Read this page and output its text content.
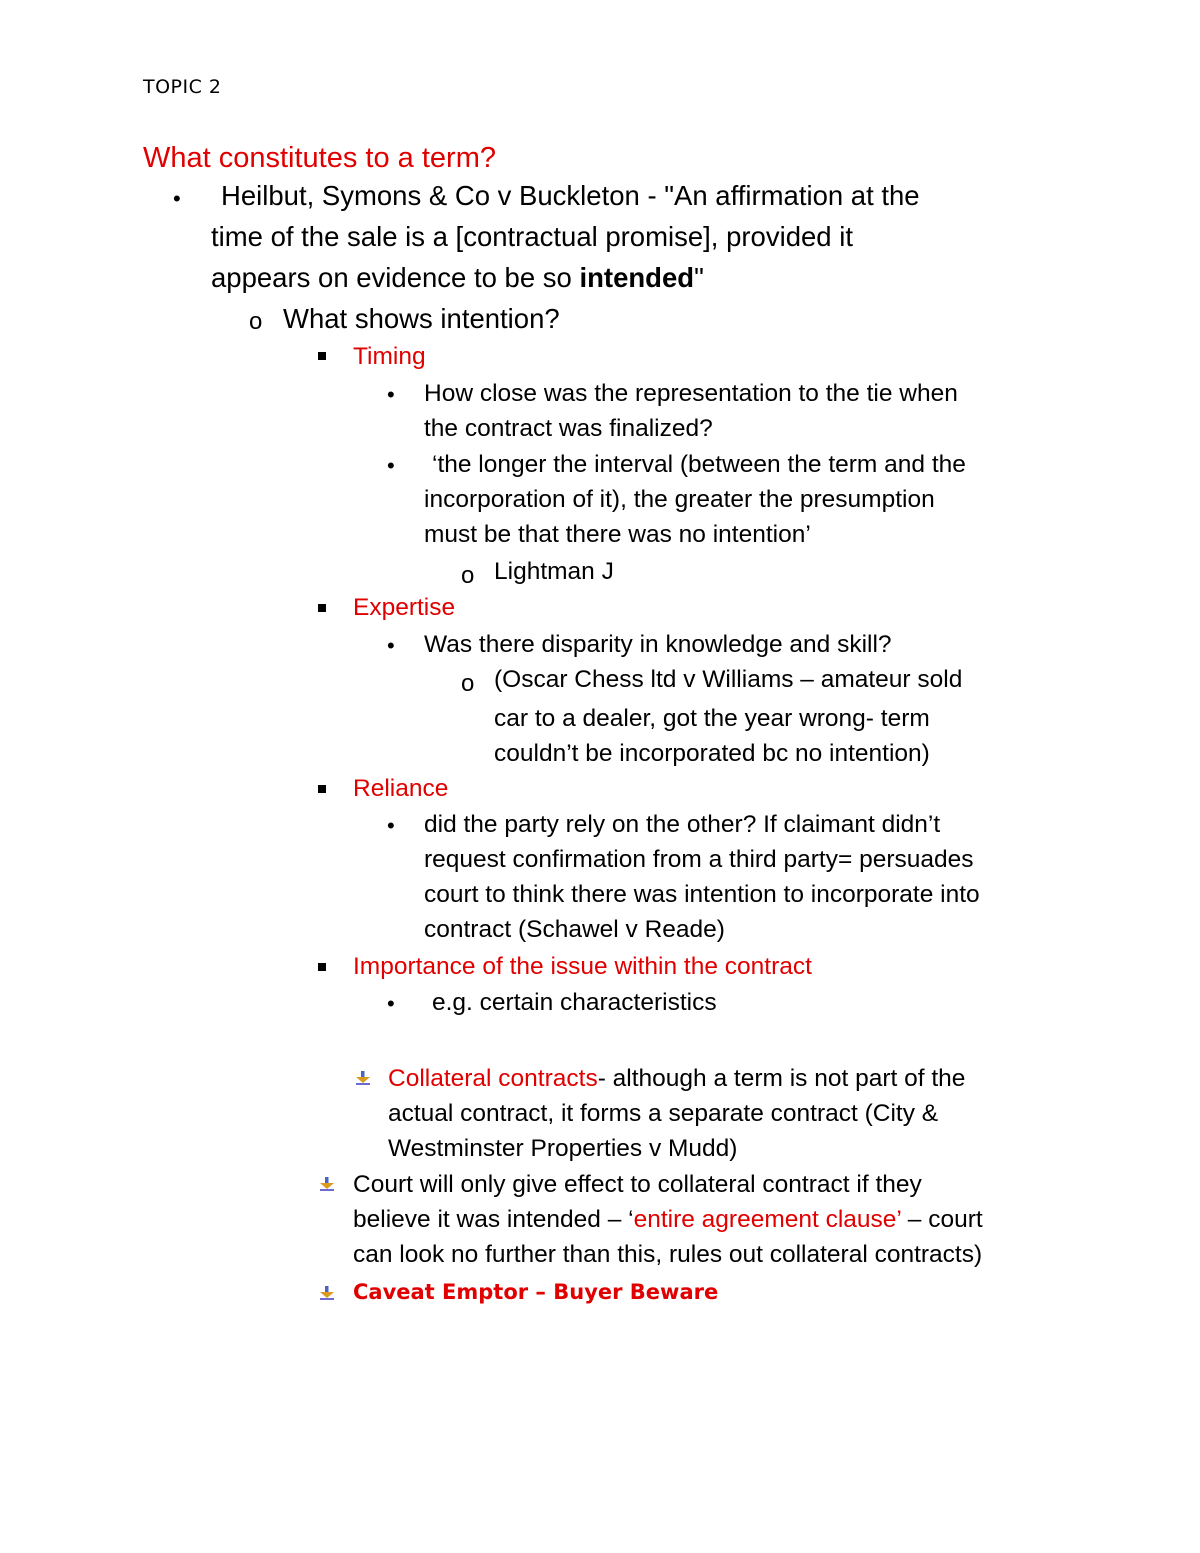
TOPIC 2
What constitutes to a term?
• Heilbut, Symons & Co v Buckleton - "An affirmation at the
time of the sale is a [contractual promise], provided it
appears on evidence to be so intended"
o What shows intention?
Timing
• How close was the representation to the tie when
the contract was finalized?
• ‘the longer the interval (between the term and the
incorporation of it), the greater the presumption
must be that there was no intention’
o Lightman J
Expertise
• Was there disparity in knowledge and skill?
o (Oscar Chess ltd v Williams – amateur sold
car to a dealer, got the year wrong- term
couldn’t be incorporated bc no intention)
Reliance
• did the party rely on the other? If claimant didn’t
request confirmation from a third party= persuades
court to think there was intention to incorporate into
contract (Schawel v Reade)
Importance of the issue within the contract
• e.g. certain characteristics
Collateral contracts- although a term is not part of the
actual contract, it forms a separate contract (City &
Westminster Properties v Mudd)
Court will only give effect to collateral contract if they
believe it was intended – ‘entire agreement clause’ – court
can look no further than this, rules out collateral contracts)
Caveat Emptor – Buyer Beware
